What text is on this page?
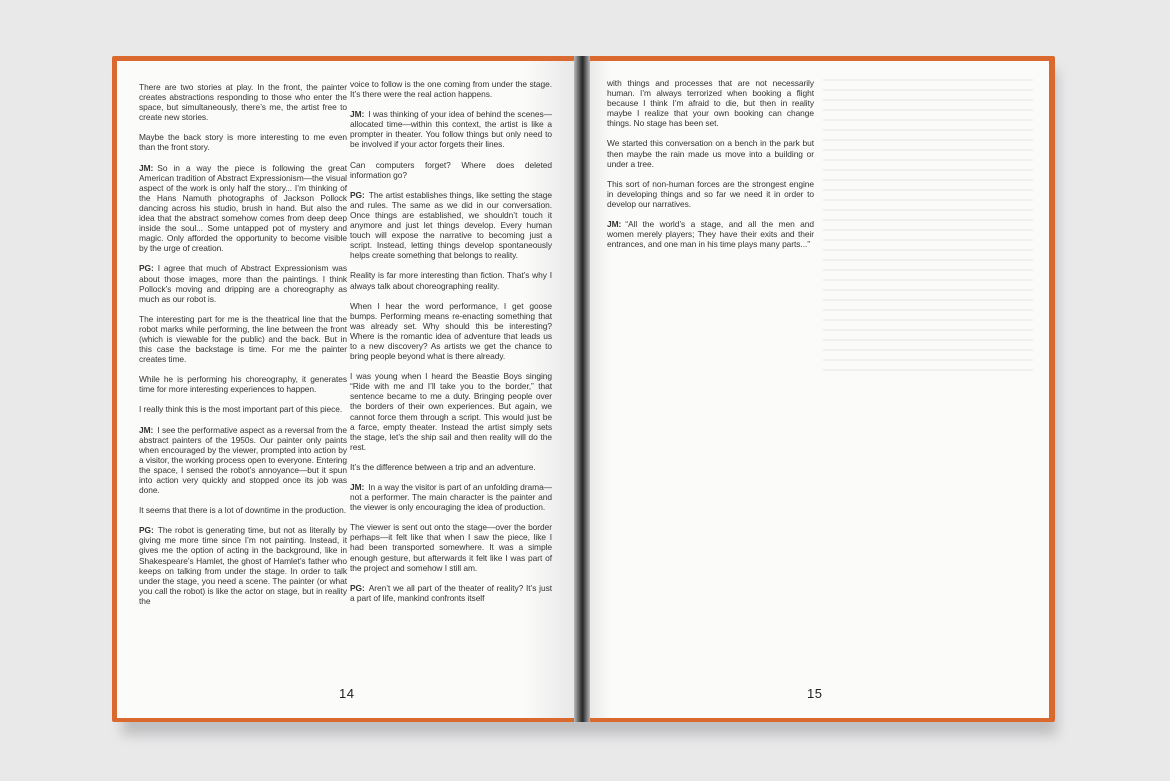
There are two stories at play. In the front, the painter creates abstractions responding to those who enter the space, but simultaneously, there’s me, the artist free to create new stories.

Maybe the back story is more interesting to me even than the front story.

JM: So in a way the piece is following the great American tradition of Abstract Expressionism—the visual aspect of the work is only half the story... I’m thinking of the Hans Namuth photographs of Jackson Pollock dancing across his studio, brush in hand. But also the idea that the abstract somehow comes from deep deep inside the soul... Some untapped pot of mystery and magic. Only afforded the opportunity to become visible by the urge of creation.

PG: I agree that much of Abstract Expressionism was about those images, more than the paintings. I think Pollock’s moving and dripping are a choreography as much as our robot is.

The interesting part for me is the theatrical line that the robot marks while performing, the line between the front (which is viewable for the public) and the back. But in this case the backstage is time. For me the painter creates time.

While he is performing his choreography, it generates time for more interesting experiences to happen.

I really think this is the most important part of this piece.

JM: I see the performative aspect as a reversal from the abstract painters of the 1950s. Our painter only paints when encouraged by the viewer, prompted into action by a visitor, the working process open to everyone. Entering the space, I sensed the robot’s annoyance—but it spun into action very quickly and stopped once its job was done.

It seems that there is a lot of downtime in the production.

PG: The robot is generating time, but not as literally by giving me more time since I’m not painting. Instead, it gives me the option of acting in the background, like in Shakespeare’s Hamlet, the ghost of Hamlet’s father who keeps on talking from under the stage. In order to talk under the stage, you need a scene. The painter (or what you call the robot) is like the actor on stage, but in reality the

voice to follow is the one coming from under the stage. It’s there were the real action happens.

JM: I was thinking of your idea of behind the scenes—allocated time—within this context, the artist is like a prompter in theater. You follow things but only need to be involved if your actor forgets their lines.

Can computers forget? Where does deleted information go?

PG: The artist establishes things, like setting the stage and rules. The same as we did in our conversation. Once things are established, we shouldn’t touch it anymore and just let things develop. Every human touch will expose the narrative to becoming just a script. Instead, letting things develop spontaneously helps create something that belongs to reality.

Reality is far more interesting than fiction. That’s why I always talk about choreographing reality.

When I hear the word performance, I get goose bumps. Performing means re-enacting something that was already set. Why should this be interesting? Where is the romantic idea of adventure that leads us to a new discovery? As artists we get the chance to bring people beyond what is there already.

I was young when I heard the Beastie Boys singing “Ride with me and I’ll take you to the border,” that sentence became to me a duty. Bringing people over the borders of their own experiences. But again, we cannot force them through a script. This would just be a farce, empty theater. Instead the artist simply sets the stage, let’s the ship sail and then reality will do the rest.

It’s the difference between a trip and an adventure.

JM: In a way the visitor is part of an unfolding drama—not a performer. The main character is the painter and the viewer is only encouraging the idea of production.

The viewer is sent out onto the stage—over the border perhaps—it felt like that when I saw the piece, like I had been transported somewhere. It was a simple enough gesture, but afterwards it felt like I was part of the project and somehow I still am.

PG: Aren’t we all part of the theater of reality? It’s just a part of life, mankind confronts itself

14

with things and processes that are not necessarily human. I’m always terrorized when booking a flight because I think I’m afraid to die, but then in reality maybe I realize that your own booking can change things. No stage has been set.

We started this conversation on a bench in the park but then maybe the rain made us move into a building or under a tree.

This sort of non-human forces are the strongest engine in developing things and so far we need it in order to develop our narratives.

JM: “All the world’s a stage, and all the men and women merely players; They have their exits and their entrances, and one man in his time plays many parts...”

15
